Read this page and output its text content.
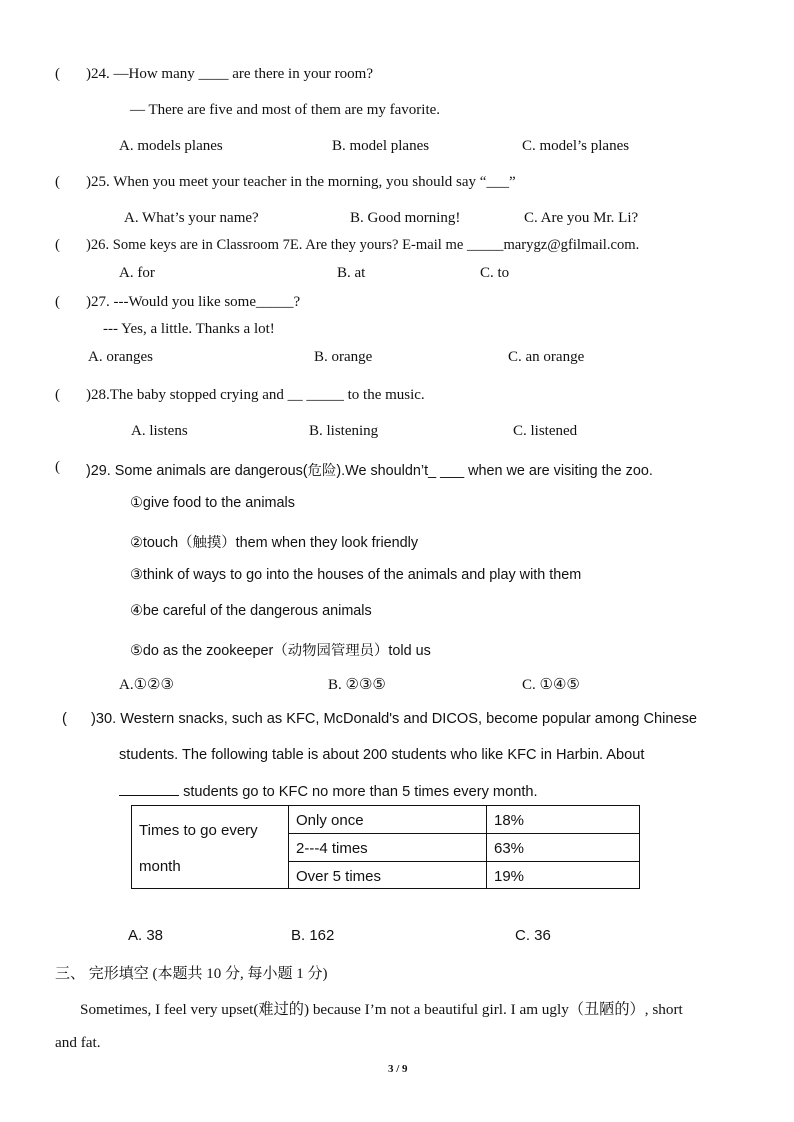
( )24. —How many ____ are there in your room?
— There are five and most of them are my favorite.
A. models planes	B. model planes	C. model’s planes
( )25. When you meet your teacher in the morning, you should say “___”
A. What’s your name?	B. Good morning!	C. Are you Mr. Li?
( )26. Some keys are in Classroom 7E. Are they yours? E-mail me _____marygz@gfilmail.com.
A. for	B. at	C. to
( )27. ---Would you like some_____?
--- Yes, a little. Thanks a lot!
A. oranges	B. orange	C. an orange
( )28.The baby stopped crying and __ _____ to the music.
A. listens	B. listening	C. listened
( )29. Some animals are dangerous(危险).We shouldn’t_ ___ when we are visiting the zoo.
①give food to the animals
②touch（触摸）them when they look friendly
③think of ways to go into the houses of the animals and play with them
④be careful of the dangerous animals
⑤do as the zookeeper（动物园管理员）told us
A.①②③	B. ②③⑤	C. ①④⑤
( )30. Western snacks, such as KFC, McDonald's and DICOS, become popular among Chinese
students. The following table is about 200 students who like KFC in Harbin. About
students go to KFC no more than 5 times every month.
Times to go every
month
Only once	18%
2---4 times	63%
Over 5 times	19%
A. 38	B. 162	C. 36
三、 完形填空 (本题共 10 分, 每小题 1 分)
Sometimes, I feel very upset(难过的) because I’m not a beautiful girl. I am ugly（丑陋的）, short
and fat.
3 / 9
